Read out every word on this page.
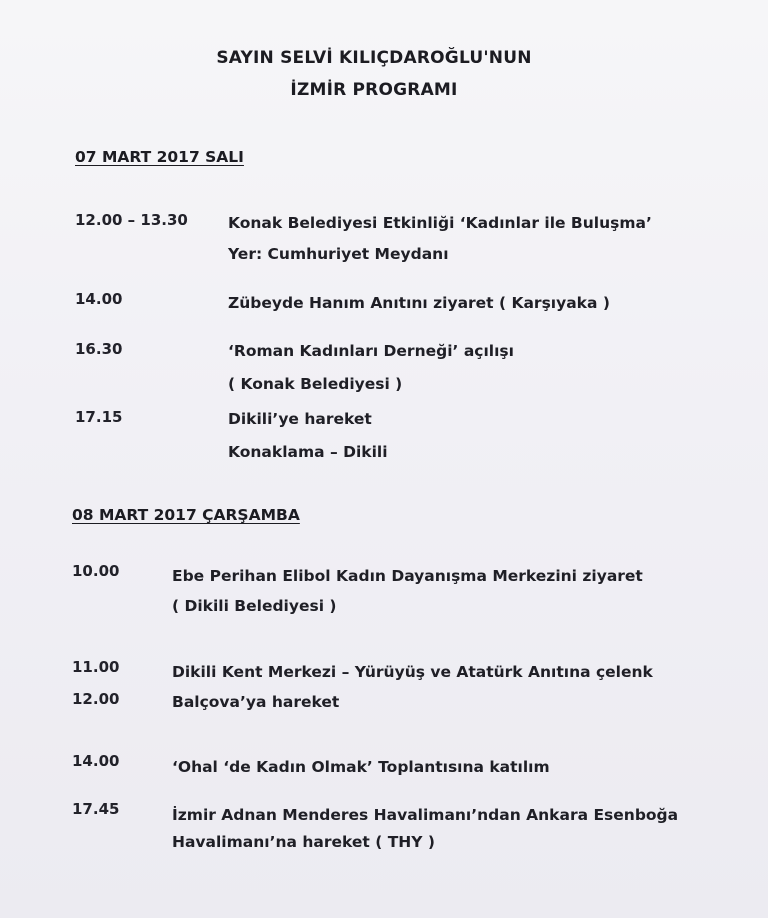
SAYIN SELVİ KILIÇDAROĞLU'NUN
İZMİR PROGRAMI
07 MART 2017 SALI
12.00 – 13.30	Konak Belediyesi Etkinliği ‘Kadınlar ile Buluşma’
Yer: Cumhuriyet Meydanı
14.00	Zübeyde Hanım Anıtını ziyaret ( Karşıyaka )
16.30	‘Roman Kadınları Derneği’ açılışı
( Konak Belediyesi )
17.15	Dikili’ye hareket
Konaklama – Dikili
08 MART 2017 ÇARŞAMBA
10.00	Ebe Perihan Elibol Kadın Dayanışma Merkezini ziyaret
( Dikili Belediyesi )
11.00	Dikili Kent Merkezi – Yürüyüş ve Atatürk Anıtına çelenk
12.00	Balçova’ya hareket
14.00	‘Ohal ‘de Kadın Olmak’ Toplantısına katılım
17.45	İzmir Adnan Menderes Havalimanı’ndan Ankara Esenboğa
Havalimanı’na hareket ( THY )
